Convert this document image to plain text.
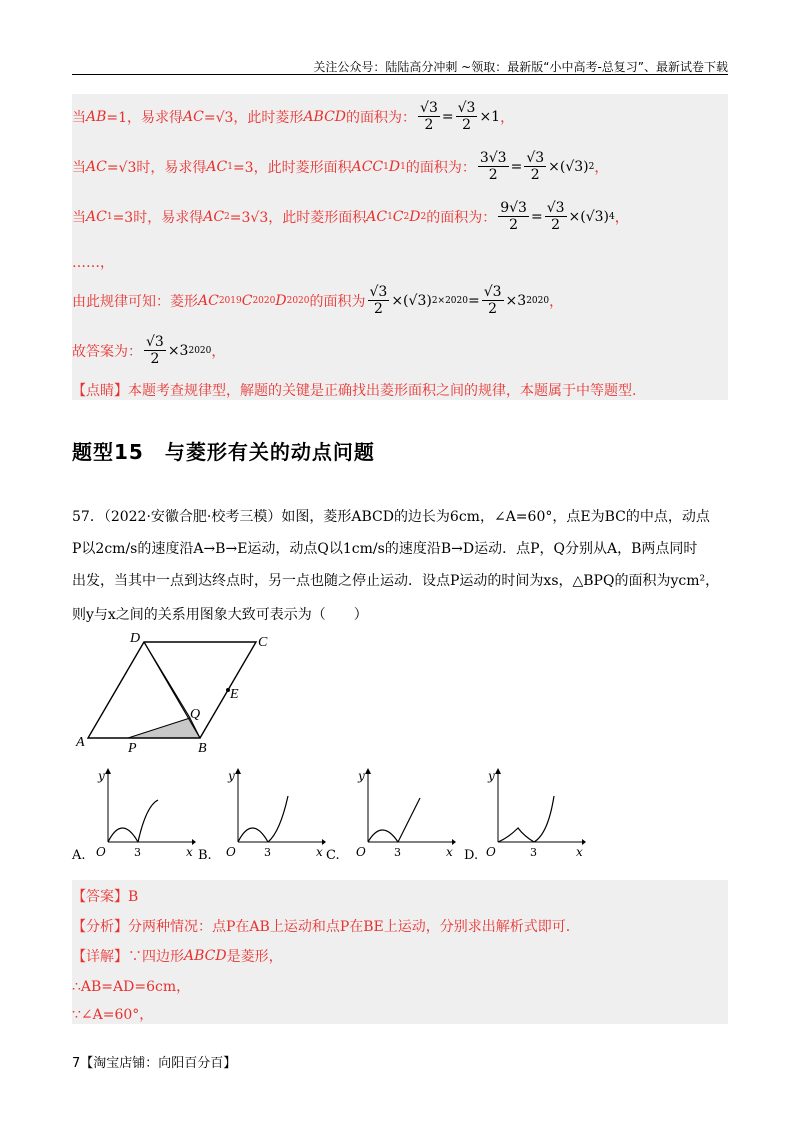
关注公众号：陆陆高分冲刺 ~领取：最新版“小中高考-总复习”、最新试卷下载
当 AB =1，易求得 AC =√3，此时菱形 ABCD 的面积为： $\frac{√3}{2} = \frac{√3}{2} \times 1$ ，
当 AC =√3时，易求得 AC 1 =3，此时菱形面积 ACC 1 D 1 的面积为： $\frac{3√3}{2} = \frac{√3}{2} \times(√3)$ 2 ，
当 AC 1 =3时，易求得 AC 2 =3√3，此时菱形面积 AC 1 C 2 D 2 的面积为： $\frac{9√3}{2} = \frac{√3}{2} \times(√3)$ 4 ，
……，
由此规律可知：菱形 AC 2019 C 2020 D 2020 的面积为 $\frac{√3}{2} \times(√3) 2\times 2020 = \frac{√3}{2} \times 3$ 2020 ，
故答案为： $\frac{√3}{2} \times 3$ 2020 ，
【点睛】本题考查规律型，解题的关键是正确找出菱形面积之间的规律，本题属于中等题型.
题型15　与菱形有关的动点问题
57．（2022·安徽合肥·校考三模）如图，菱形ABCD的边长为6cm，∠A=60°，点E为BC的中点，动点
P以2cm/s的速度沿A→B→E运动，动点Q以1cm/s的速度沿B→D运动．点P，Q分别从A，B两点同时
出发，当其中一点到达终点时，另一点也随之停止运动．设点P运动的时间为xs，△BPQ的面积为ycm²，
则y与x之间的关系用图象大致可表示为（　　）
A	B
C
D
E
P
Q
y
x
O	3
y
x
O	3
y
x
O	3
y
x
O	3
A.	B.	C.	D.
【答案】B
【分析】分两种情况：点P在AB上运动和点P在BE上运动，分别求出解析式即可.
【详解】∵四边形 ABCD 是菱形，
∴AB=AD=6cm，
∵∠A=60°，
7【淘宝店铺：向阳百分百】
